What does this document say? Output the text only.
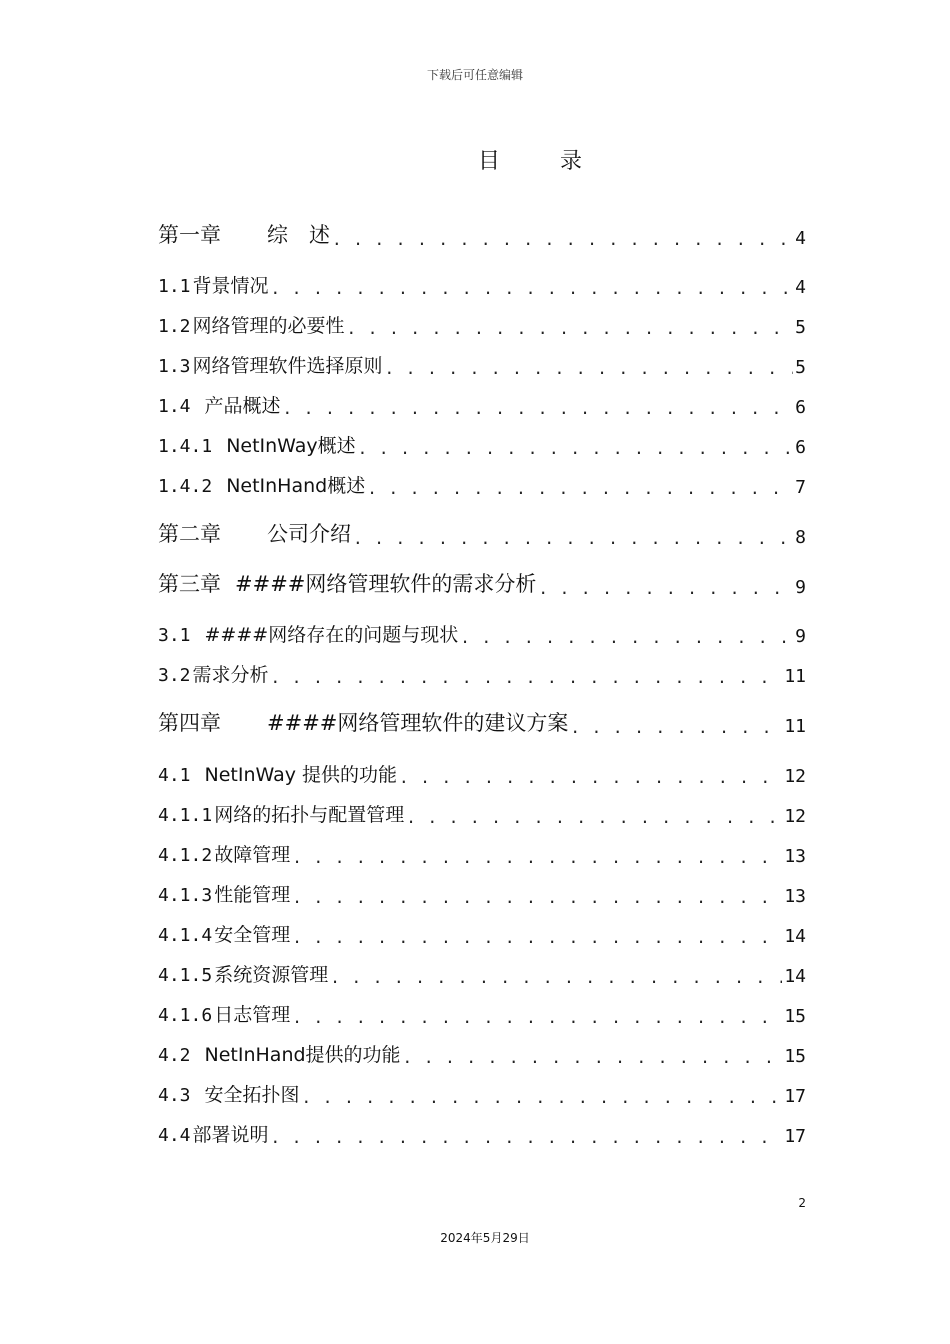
下载后可任意编辑
目录
第一章 综　述 . . .	4
1.1 背景情况 . . .	4
1.2 网络管理的必要性 . . .	5
1.3 网络管理软件选择原则 . . .	5
1.4 产品概述 . . .	6
1.4.1 NetInWay概述 . . .	6
1.4.2 NetInHand概述 . . .	7
第二章 公司介绍 . . .	8
第三章 ####网络管理软件的需求分析 . . .	9
3.1 ####网络存在的问题与现状 . . .	9
3.2 需求分析 . . .	11
第四章 ####网络管理软件的建议方案 . . .	11
4.1 NetInWay 提供的功能 . . .	12
4.1.1 网络的拓扑与配置管理 . . .	12
4.1.2 故障管理 . . .	13
4.1.3 性能管理 . . .	13
4.1.4 安全管理 . . .	14
4.1.5 系统资源管理 . . .	14
4.1.6 日志管理 . . .	15
4.2 NetInHand提供的功能 . . .	15
4.3 安全拓扑图 . . .	17
4.4 部署说明 . . .	17
2
2024年5月29日
